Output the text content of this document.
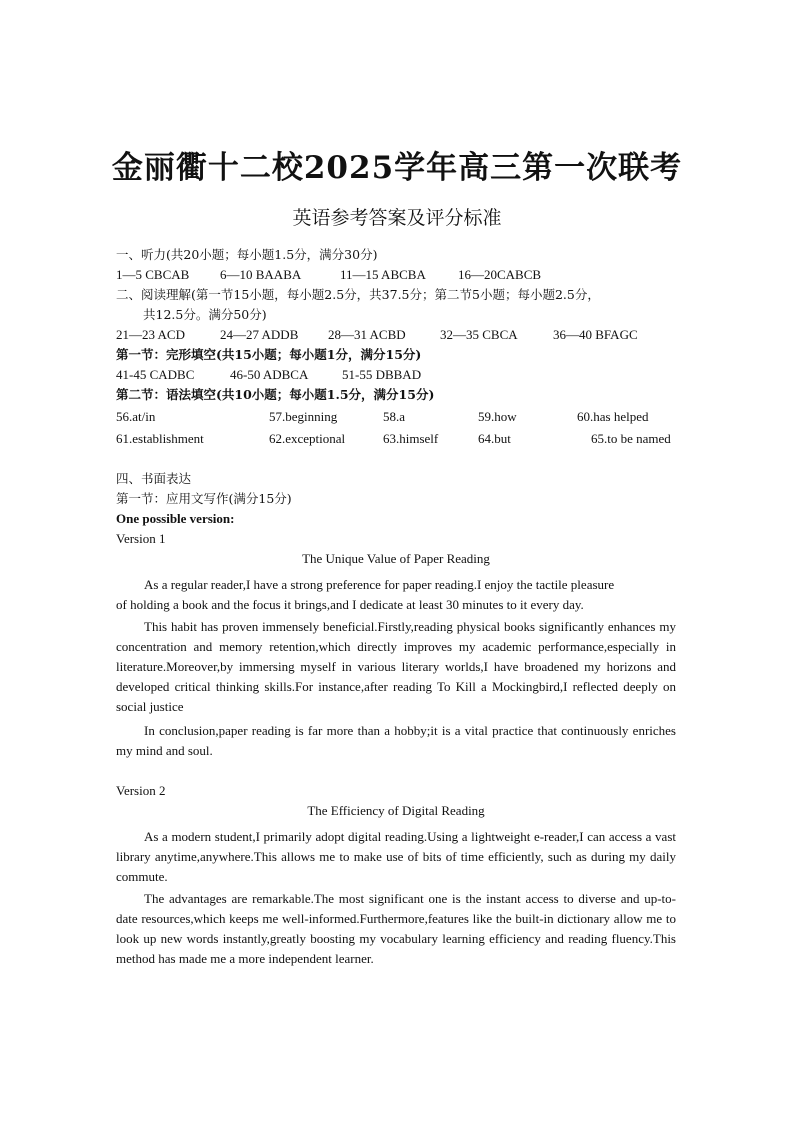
金丽衢十二校2025学年高三第一次联考
英语参考答案及评分标准
一、听力(共20小题；每小题1.5分，满分30分)
1—5 CBCAB	6—10 BAABA	11—15 ABCBA	16—20CABCB
二、阅读理解(第一节15小题，每小题2.5分，共37.5分；第二节5小题；每小题2.5分，
共12.5分。满分50分)
21—23 ACD	24—27 ADDB	28—31 ACBD	32—35 CBCA	36—40 BFAGC
第一节：完形填空(共15小题；每小题1分，满分15分)
41-45 CADBC	46-50 ADBCA	51-55 DBBAD
第二节：语法填空(共10小题；每小题1.5分，满分15分)
56.at/in	57.beginning	58.a	59.how	60.has helped
61.establishment	62.exceptional	63.himself	64.but	65.to be named
四、书面表达
第一节：应用文写作(满分15分)
One possible version:
Version 1
The Unique Value of Paper Reading
As a regular reader,I have a strong preference for paper reading.I enjoy the tactile pleasure
of holding a book and the focus it brings,and I dedicate at least 30 minutes to it every day.

This habit has proven immensely beneficial.Firstly,reading physical books significantly enhances my concentration and memory retention,which directly improves my academic performance,especially in literature.Moreover,by immersing myself in various literary worlds,I have broadened my horizons and developed critical thinking skills.For instance,after reading To Kill a Mockingbird,I reflected deeply on social justice

In conclusion,paper reading is far more than a hobby;it is a vital practice that continuously enriches my mind and soul.

Version 2
The Efficiency of Digital Reading

As a modern student,I primarily adopt digital reading.Using a lightweight e-reader,I can access a vast library anytime,anywhere.This allows me to make use of bits of time efficiently, such as during my daily commute.

The advantages are remarkable.The most significant one is the instant access to diverse and up-to-date resources,which keeps me well-informed.Furthermore,features like the built-in dictionary allow me to look up new words instantly,greatly boosting my vocabulary learning efficiency and reading fluency.This method has made me a more independent learner.
